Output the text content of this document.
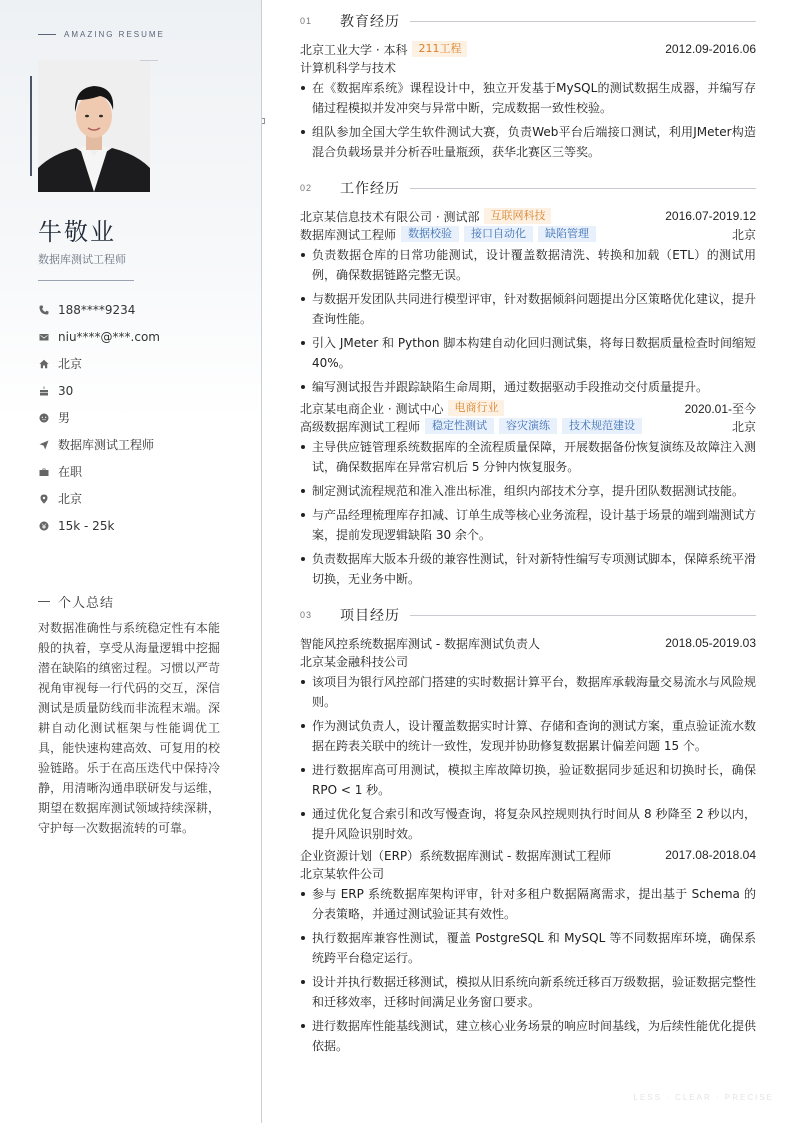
AMAZING RESUME
牛敬业
数据库测试工程师
188****9234
niu****@***.com
北京
30
男
数据库测试工程师
在职
北京
15k - 25k
个人总结

对数据准确性与系统稳定性有本能般的执着，享受从海量逻辑中挖掘潜在缺陷的缜密过程。习惯以严苛视角审视每一行代码的交互，深信测试是质量防线而非流程末端。深耕自动化测试框架与性能调优工具，能快速构建高效、可复用的校验链路。乐于在高压迭代中保持冷静，用清晰沟通串联研发与运维，期望在数据库测试领域持续深耕，守护每一次数据流转的可靠。

01	教育经历
北京工业大学 · 本科	211工程	2012.09-2016.06
计算机科学与技术
在《数据库系统》课程设计中，独立开发基于MySQL的测试数据生成器，并编写存储过程模拟并发冲突与异常中断，完成数据一致性校验。
组队参加全国大学生软件测试大赛，负责Web平台后端接口测试，利用JMeter构造混合负载场景并分析吞吐量瓶颈，获华北赛区三等奖。
02	工作经历
北京某信息技术有限公司 · 测试部	互联网科技	2016.07-2019.12
数据库测试工程师	数据校验	接口自动化	缺陷管理	北京
负责数据仓库的日常功能测试，设计覆盖数据清洗、转换和加载（ETL）的测试用例，确保数据链路完整无误。
与数据开发团队共同进行模型评审，针对数据倾斜问题提出分区策略优化建议，提升查询性能。
引入 JMeter 和 Python 脚本构建自动化回归测试集，将每日数据质量检查时间缩短 40%。
编写测试报告并跟踪缺陷生命周期，通过数据驱动手段推动交付质量提升。
北京某电商企业 · 测试中心	电商行业	2020.01-至今
高级数据库测试工程师	稳定性测试	容灾演练	技术规范建设	北京
主导供应链管理系统数据库的全流程质量保障，开展数据备份恢复演练及故障注入测试，确保数据库在异常宕机后 5 分钟内恢复服务。
制定测试流程规范和准入准出标准，组织内部技术分享，提升团队数据测试技能。
与产品经理梳理库存扣减、订单生成等核心业务流程，设计基于场景的端到端测试方案，提前发现逻辑缺陷 30 余个。
负责数据库大版本升级的兼容性测试，针对新特性编写专项测试脚本，保障系统平滑切换，无业务中断。
03	项目经历
智能风控系统数据库测试 - 数据库测试负责人	2018.05-2019.03
北京某金融科技公司
该项目为银行风控部门搭建的实时数据计算平台，数据库承载海量交易流水与风险规则。
作为测试负责人，设计覆盖数据实时计算、存储和查询的测试方案，重点验证流水数据在跨表关联中的统计一致性，发现并协助修复数据累计偏差问题 15 个。
进行数据库高可用测试，模拟主库故障切换，验证数据同步延迟和切换时长，确保 RPO < 1 秒。
通过优化复合索引和改写慢查询，将复杂风控规则执行时间从 8 秒降至 2 秒以内，提升风险识别时效。
企业资源计划（ERP）系统数据库测试 - 数据库测试工程师	2017.08-2018.04
北京某软件公司
参与 ERP 系统数据库架构评审，针对多租户数据隔离需求，提出基于 Schema 的分表策略，并通过测试验证其有效性。
执行数据库兼容性测试，覆盖 PostgreSQL 和 MySQL 等不同数据库环境，确保系统跨平台稳定运行。
设计并执行数据迁移测试，模拟从旧系统向新系统迁移百万级数据，验证数据完整性和迁移效率，迁移时间满足业务窗口要求。
进行数据库性能基线测试，建立核心业务场景的响应时间基线，为后续性能优化提供依据。
LESS · CLEAR · PRECISE
